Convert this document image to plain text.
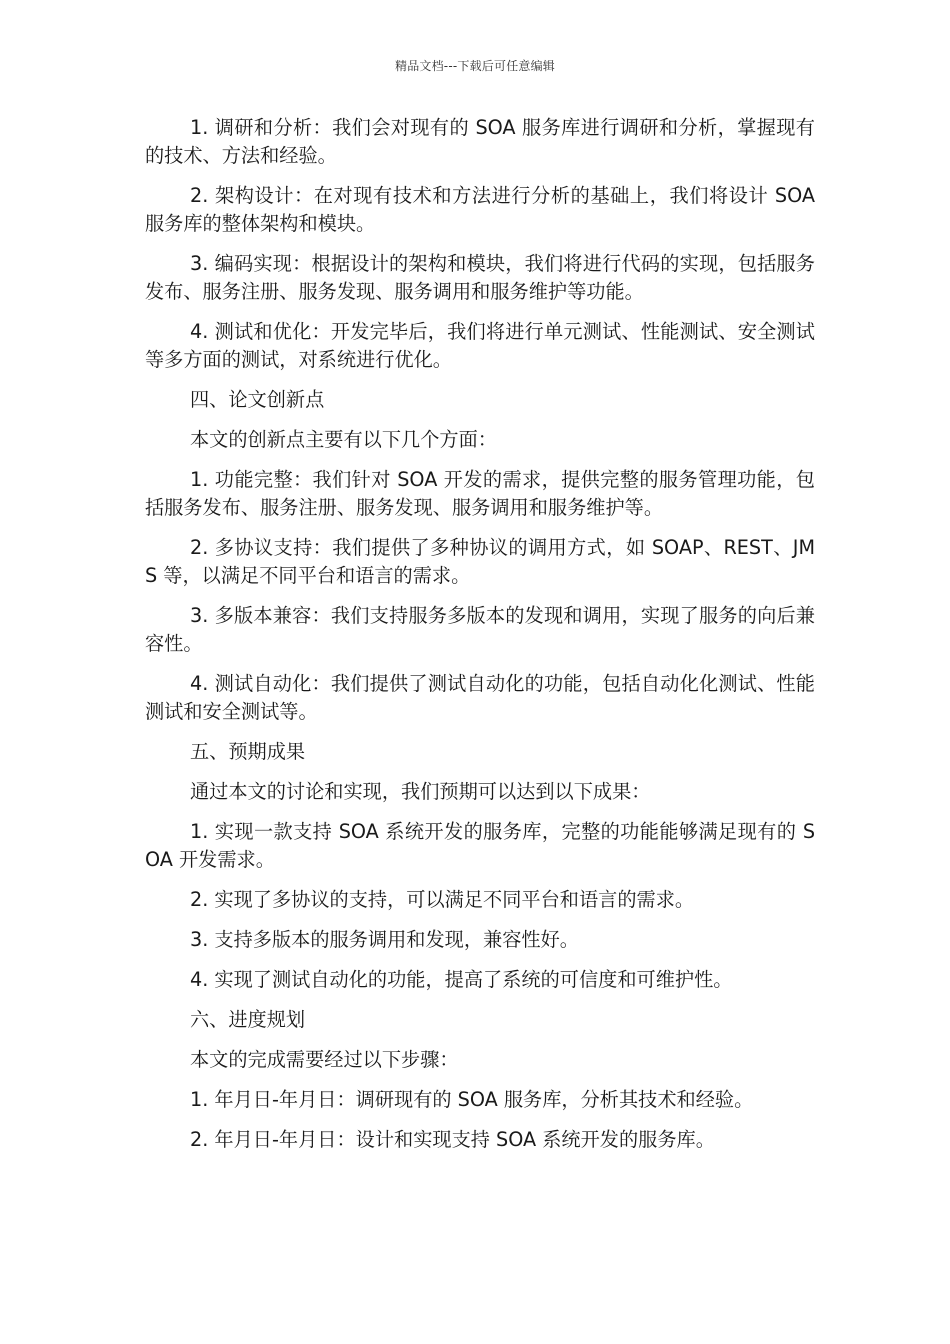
精品文档---下载后可任意编辑

1. 调研和分析：我们会对现有的 SOA 服务库进行调研和分析，掌握现有的技术、方法和经验。

2. 架构设计：在对现有技术和方法进行分析的基础上，我们将设计 SOA 服务库的整体架构和模块。

3. 编码实现：根据设计的架构和模块，我们将进行代码的实现，包括服务发布、服务注册、服务发现、服务调用和服务维护等功能。

4. 测试和优化：开发完毕后，我们将进行单元测试、性能测试、安全测试等多方面的测试，对系统进行优化。

四、论文创新点

本文的创新点主要有以下几个方面：

1. 功能完整：我们针对 SOA 开发的需求，提供完整的服务管理功能，包括服务发布、服务注册、服务发现、服务调用和服务维护等。

2. 多协议支持：我们提供了多种协议的调用方式，如 SOAP、REST、JMS 等，以满足不同平台和语言的需求。

3. 多版本兼容：我们支持服务多版本的发现和调用，实现了服务的向后兼容性。

4. 测试自动化：我们提供了测试自动化的功能，包括自动化化测试、性能测试和安全测试等。

五、预期成果

通过本文的讨论和实现，我们预期可以达到以下成果：

1. 实现一款支持 SOA 系统开发的服务库，完整的功能能够满足现有的 SOA 开发需求。

2. 实现了多协议的支持，可以满足不同平台和语言的需求。

3. 支持多版本的服务调用和发现，兼容性好。

4. 实现了测试自动化的功能，提高了系统的可信度和可维护性。

六、进度规划

本文的完成需要经过以下步骤：

1. 年月日-年月日：调研现有的 SOA 服务库，分析其技术和经验。

2. 年月日-年月日：设计和实现支持 SOA 系统开发的服务库。
